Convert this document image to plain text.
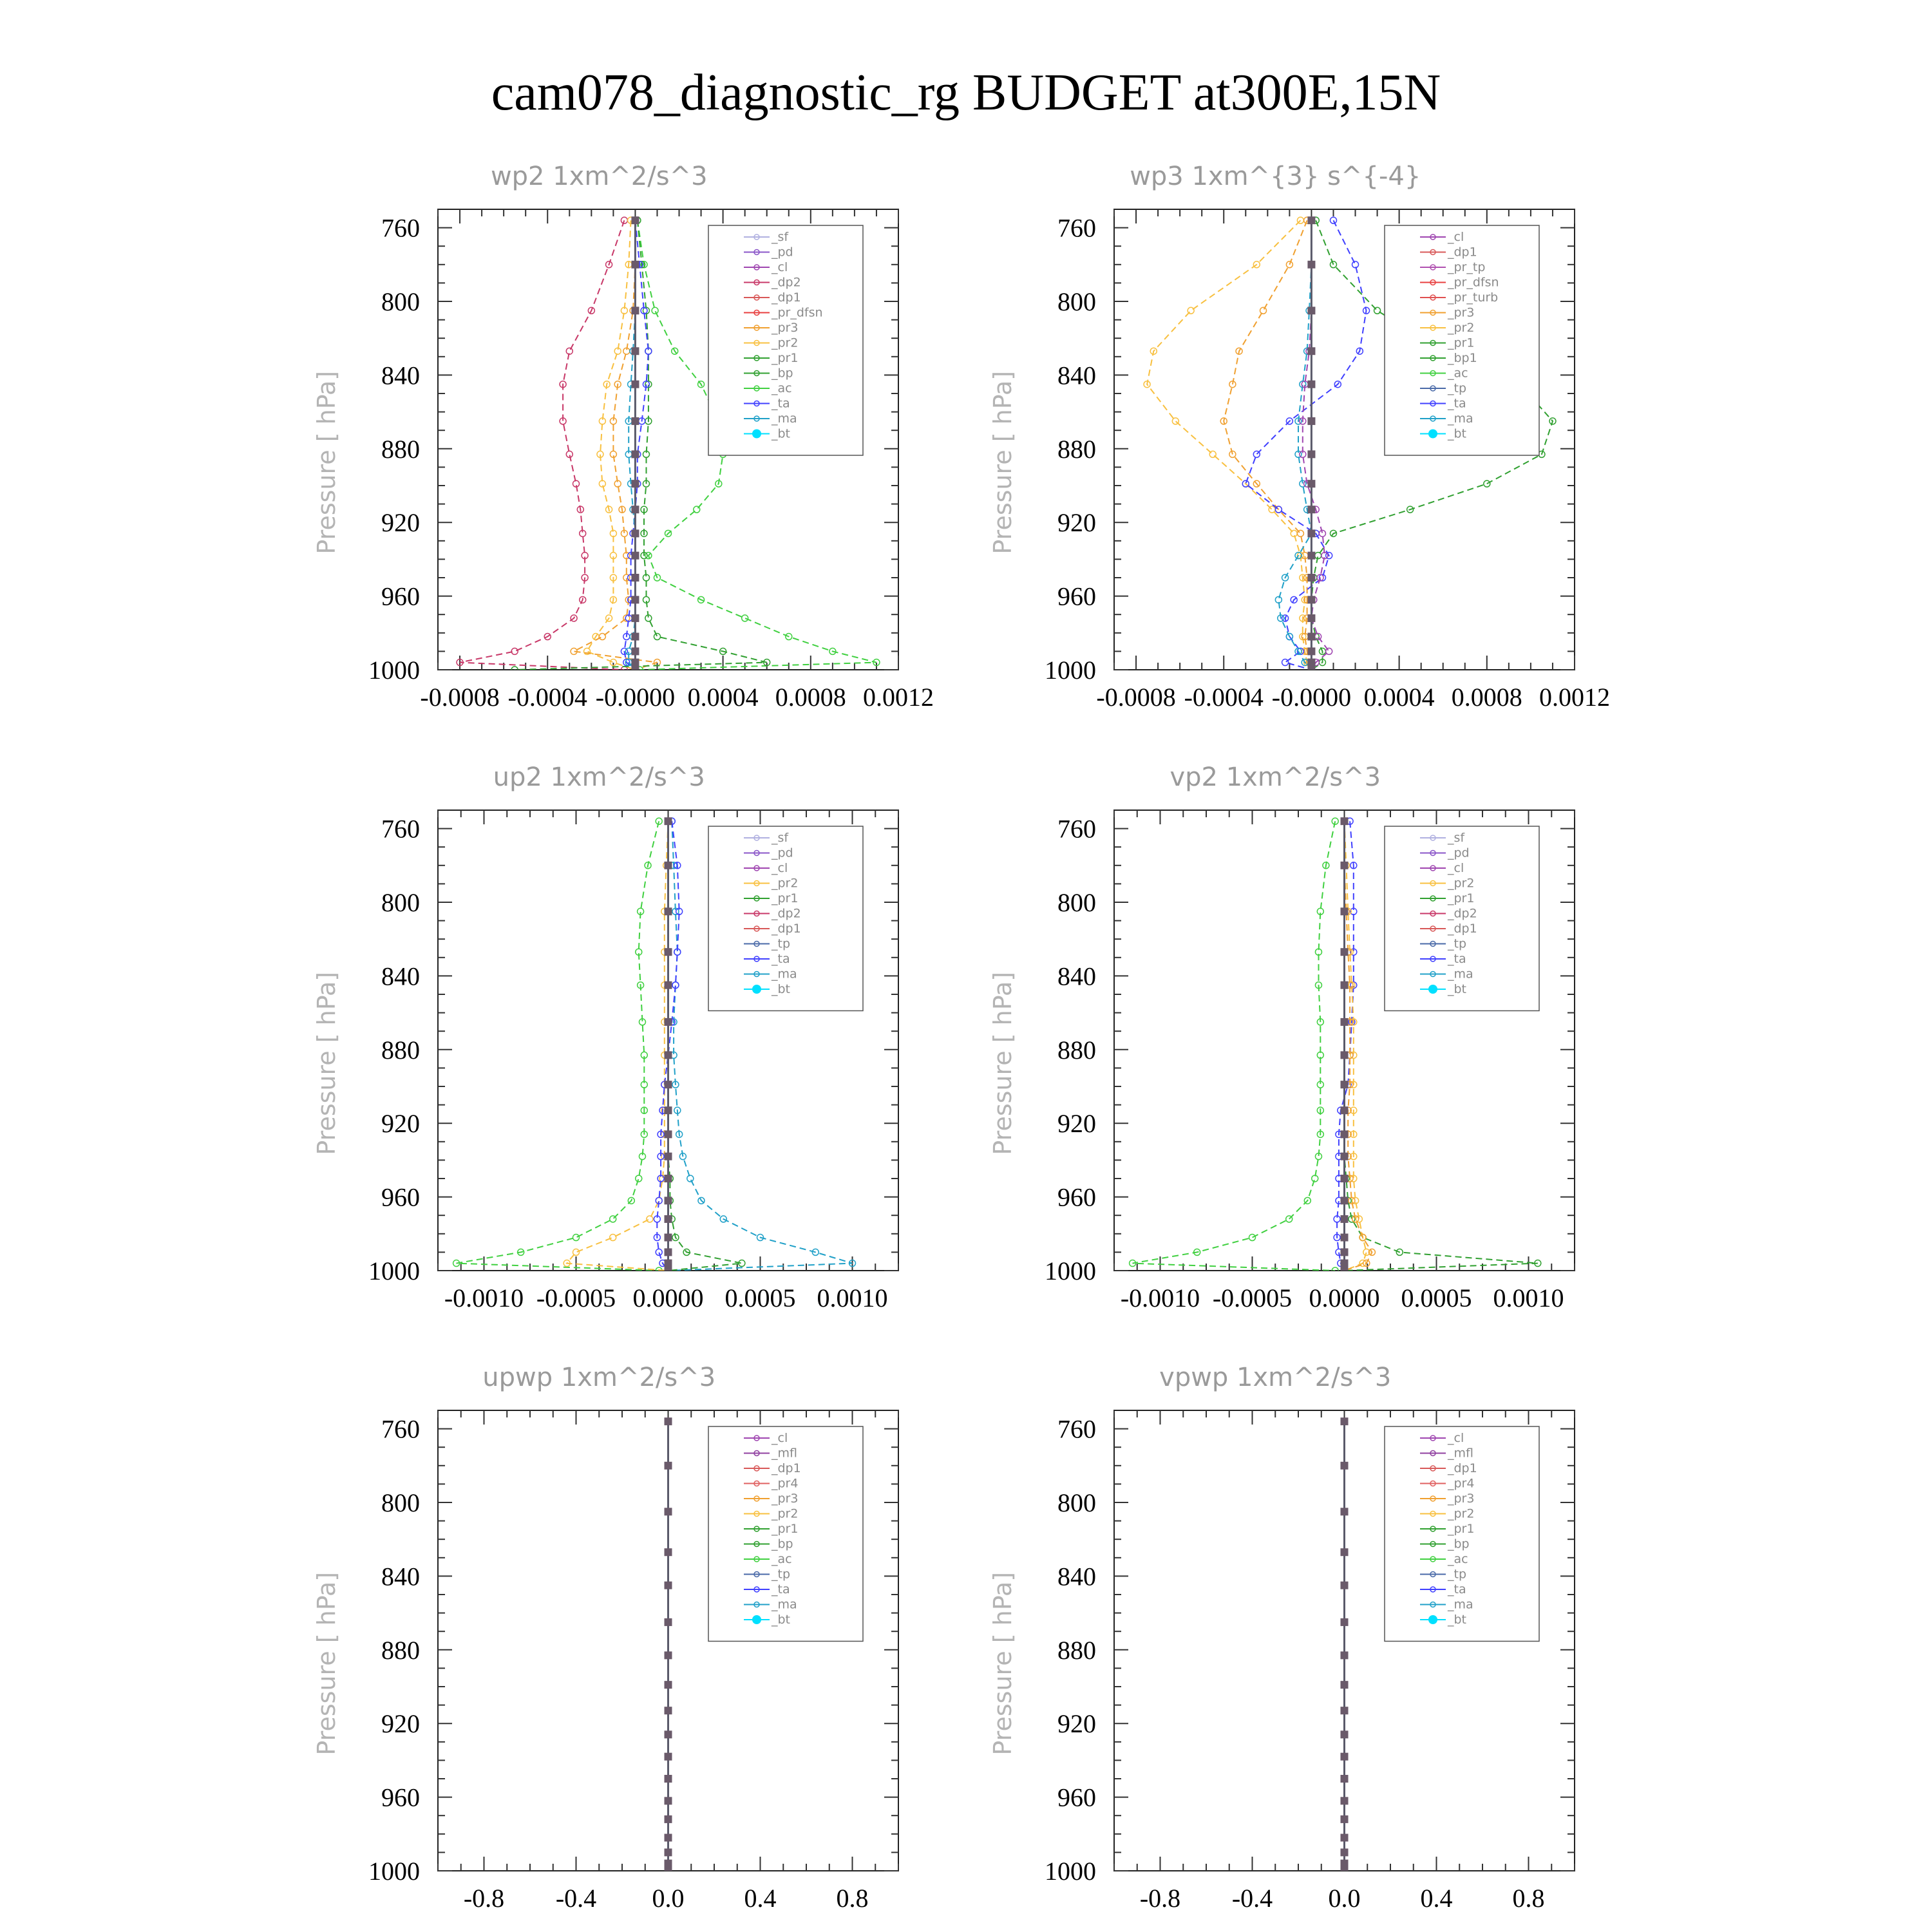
cam078_diagnostic_rg BUDGET at300E,15N
wp2 1xm^2/s^3
Pressure [ hPa]
760
800
840
880
920
960
1000
-0.0008 -0.0004 -0.0000 0.0004 0.0008 0.0012
_sf
_pd
_cl
_dp2
_dp1
_pr_dfsn
_pr3
_pr2
_pr1
_bp
_ac
_ta
_ma
_bt
wp3 1xm^{3} s^{-4}
Pressure [ hPa]
760
800
840
880
920
960
1000
-0.0008 -0.0004 -0.0000 0.0004 0.0008 0.0012
_cl
_dp1
_pr_tp
_pr_dfsn
_pr_turb
_pr3
_pr2
_pr1
_bp1
_ac
_tp
_ta
_ma
_bt
up2 1xm^2/s^3
Pressure [ hPa]
760
800
840
880
920
960
1000
-0.0010 -0.0005 0.0000 0.0005 0.0010
_sf
_pd
_cl
_pr2
_pr1
_dp2
_dp1
_tp
_ta
_ma
_bt
vp2 1xm^2/s^3
Pressure [ hPa]
760
800
840
880
920
960
1000
-0.0010 -0.0005 0.0000 0.0005 0.0010
_sf
_pd
_cl
_pr2
_pr1
_dp2
_dp1
_tp
_ta
_ma
_bt
upwp 1xm^2/s^3
Pressure [ hPa]
760
800
840
880
920
960
1000
-0.8 -0.4 0.0 0.4 0.8
_cl
_mfl
_dp1
_pr4
_pr3
_pr2
_pr1
_bp
_ac
_tp
_ta
_ma
_bt
vpwp 1xm^2/s^3
Pressure [ hPa]
760
800
840
880
920
960
1000
-0.8 -0.4 0.0 0.4 0.8
_cl
_mfl
_dp1
_pr4
_pr3
_pr2
_pr1
_bp
_ac
_tp
_ta
_ma
_bt
